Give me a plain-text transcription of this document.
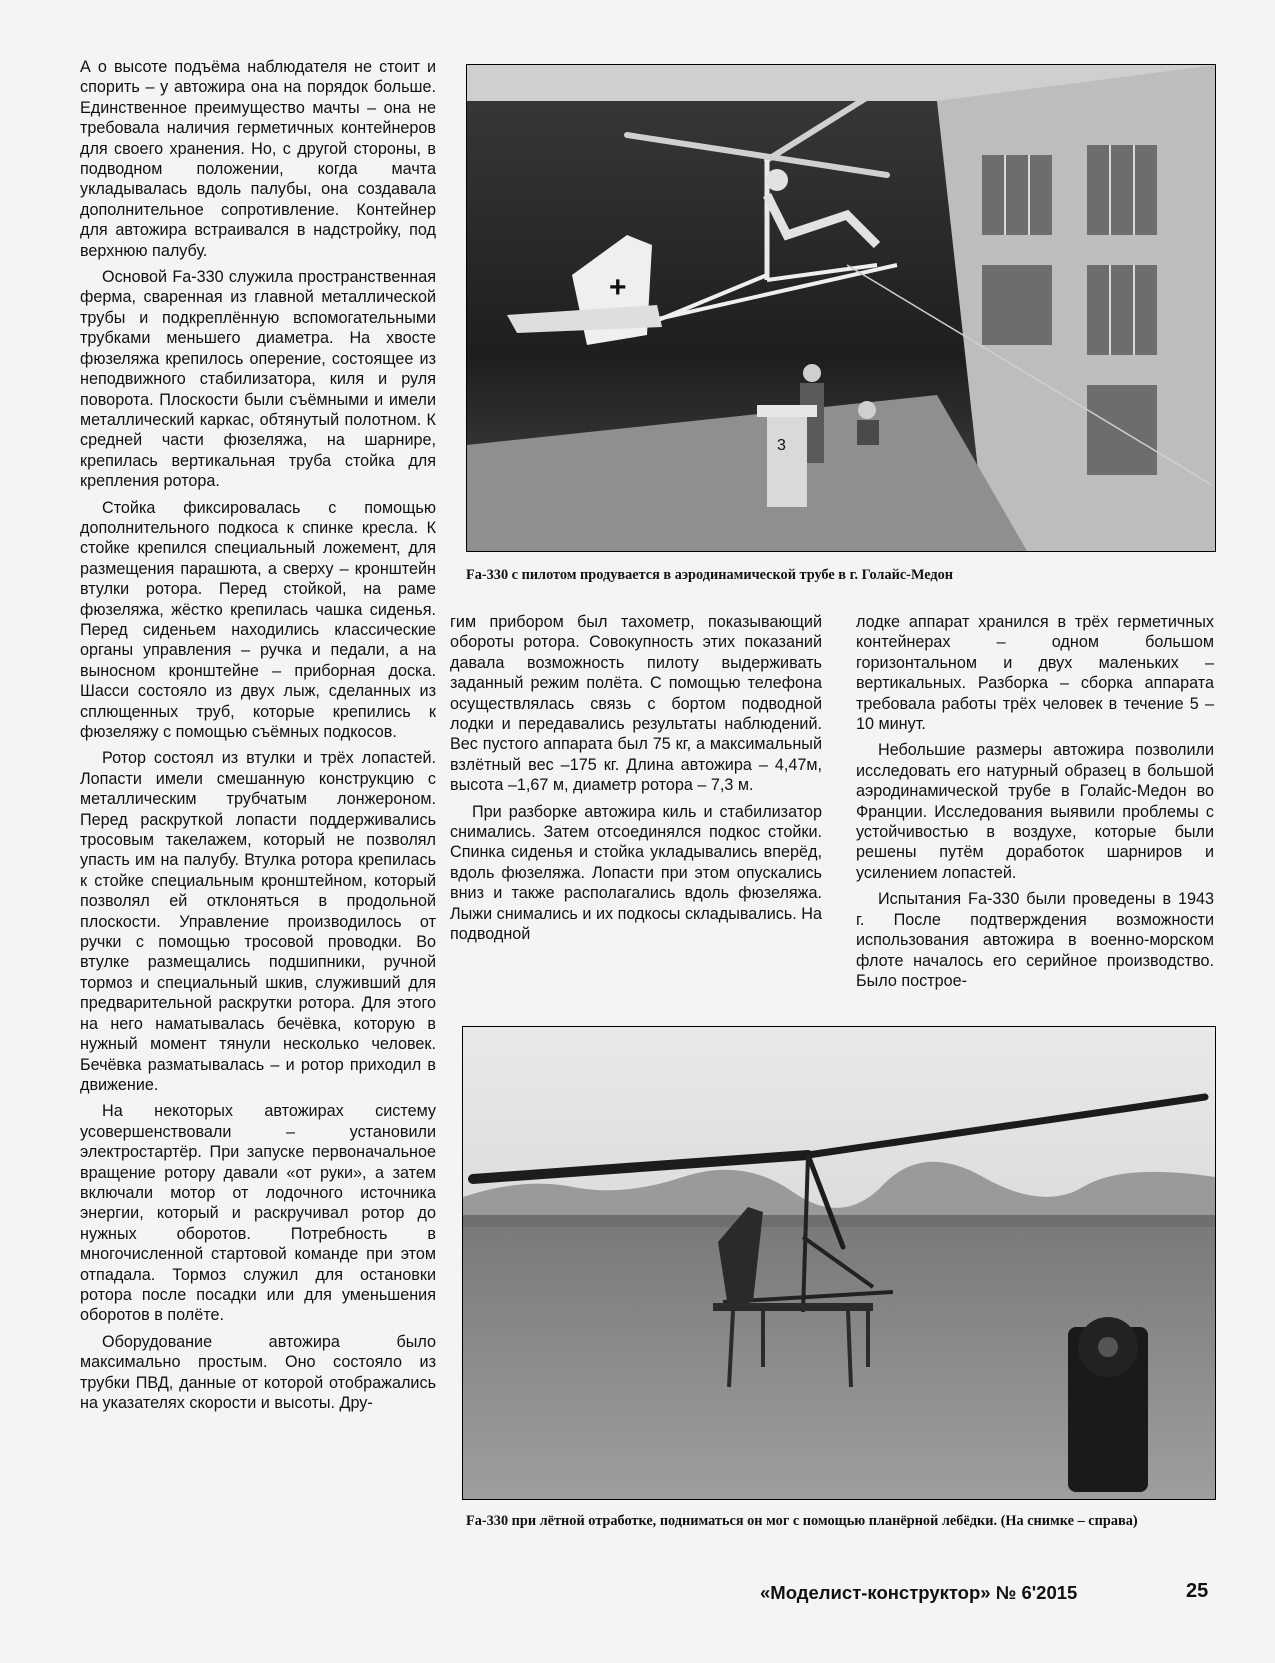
А о высоте подъёма наблюдателя не стоит и спорить – у автожира она на порядок больше. Единственное преимущество мачты – она не требовала наличия герметичных контейнеров для своего хранения. Но, с другой стороны, в подводном положении, когда мачта укладывалась вдоль палубы, она создавала дополнительное сопротивление. Контейнер для автожира встраивался в надстройку, под верхнюю палубу.

Основой Fa-330 служила пространственная ферма, сваренная из главной металлической трубы и подкреплённую вспомогательными трубками меньшего диаметра. На хвосте фюзеляжа крепилось оперение, состоящее из неподвижного стабилизатора, киля и руля поворота. Плоскости были съёмными и имели металлический каркас, обтянутый полотном. К средней части фюзеляжа, на шарнире, крепилась вертикальная труба стойка для крепления ротора.

Стойка фиксировалась с помощью дополнительного подкоса к спинке кресла. К стойке крепился специальный ложемент, для размещения парашюта, а сверху – кронштейн втулки ротора. Перед стойкой, на раме фюзеляжа, жёстко крепилась чашка сиденья. Перед сиденьем находились классические органы управления – ручка и педали, а на выносном кронштейне – приборная доска. Шасси состояло из двух лыж, сделанных из сплющенных труб, которые крепились к фюзеляжу с помощью съёмных подкосов.

Ротор состоял из втулки и трёх лопастей. Лопасти имели смешанную конструкцию с металлическим трубчатым лонжероном. Перед раскруткой лопасти поддерживались тросовым такелажем, который не позволял упасть им на палубу. Втулка ротора крепилась к стойке специальным кронштейном, который позволял ей отклоняться в продольной плоскости. Управление производилось от ручки с помощью тросовой проводки. Во втулке размещались подшипники, ручной тормоз и специальный шкив, служивший для предварительной раскрутки ротора. Для этого на него наматывалась бечёвка, которую в нужный момент тянули несколько человек. Бечёвка разматывалась – и ротор приходил в движение.

На некоторых автожирах систему усовершенствовали – установили электростартёр. При запуске первоначальное вращение ротору давали «от руки», а затем включали мотор от лодочного источника энергии, который и раскручивал ротор до нужных оборотов. Потребность в многочисленной стартовой команде при этом отпадала. Тормоз служил для остановки ротора после посадки или для уменьшения оборотов в полёте.

Оборудование автожира было максимально простым. Оно состояло из трубки ПВД, данные от которой отображались на указателях скорости и высоты. Дру-

+
3
Fa-330 с пилотом продувается в аэродинамической трубе в г. Голайс-Медон

гим прибором был тахометр, показывающий обороты ротора. Совокупность этих показаний давала возможность пилоту выдерживать заданный режим полёта. С помощью телефона осуществлялась связь с бортом подводной лодки и передавались результаты наблюдений. Вес пустого аппарата был 75 кг, а максимальный взлётный вес –175 кг. Длина автожира – 4,47м, высота –1,67 м, диаметр ротора – 7,3 м.

При разборке автожира киль и стабилизатор снимались. Затем отсоединялся подкос стойки. Спинка сиденья и стойка укладывались вперёд, вдоль фюзеляжа. Лопасти при этом опускались вниз и также располагались вдоль фюзеляжа. Лыжи снимались и их подкосы складывались. На подводной

лодке аппарат хранился в трёх герметичных контейнерах – одном большом горизонтальном и двух маленьких – вертикальных. Разборка – сборка аппарата требовала работы трёх человек в течение 5 – 10 минут.

Небольшие размеры автожира позволили исследовать его натурный образец в большой аэродинамической трубе в Голайс-Медон во Франции. Исследования выявили проблемы с устойчивостью в воздухе, которые были решены путём доработок шарниров и усилением лопастей.

Испытания Fa-330 были проведены в 1943 г. После подтверждения возможности использования автожира в военно-морском флоте началось его серийное производство. Было построе-

Fa-330 при лётной отработке, подниматься он мог с помощью планёрной лебёдки. (На снимке – справа)
«Моделист-конструктор» № 6'2015	25
